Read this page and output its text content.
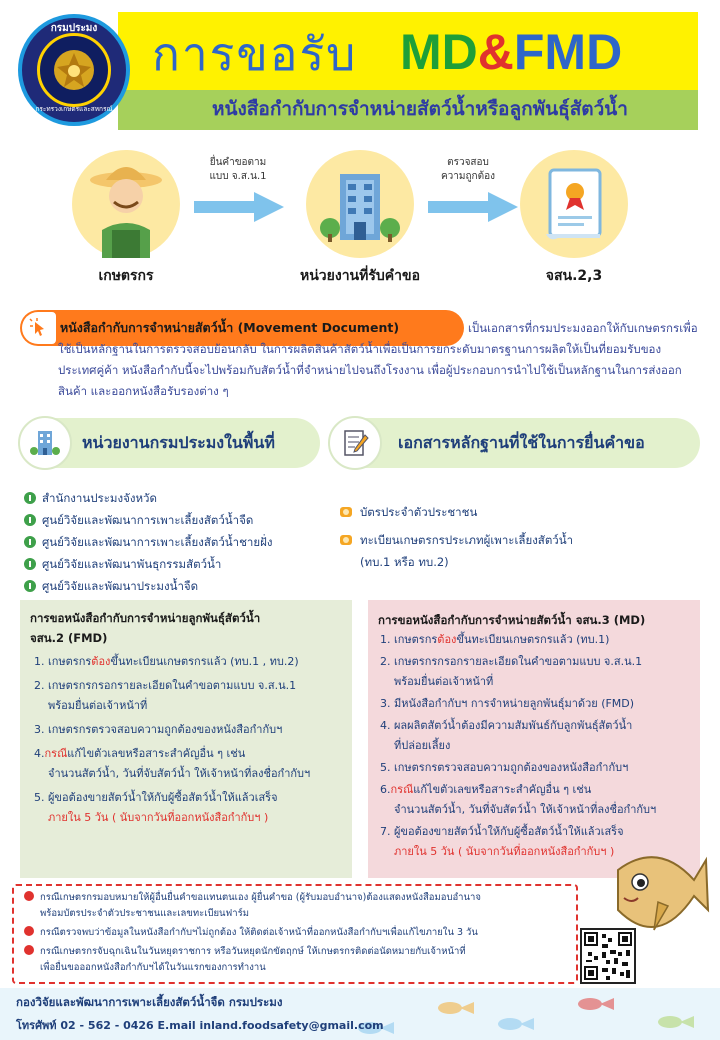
กรมประมง
กระทรวงเกษตรและสหกรณ์
การขอรับ MD&FMD
หนังสือกำกับการจำหน่ายสัตว์น้ำหรือลูกพันธุ์สัตว์น้ำ
เกษตรกร
ยื่นคำขอตาม
แบบ จ.ส.น.1
หน่วยงานที่รับคำขอ
ตรวจสอบ
ความถูกต้อง
จสน.2,3
หนังสือกำกับการจำหน่ายสัตว์น้ำ (Movement Document)	เป็นเอกสารที่กรมประมงออกให้กับเกษตรกรเพื่อใช้เป็นหลักฐานในการตรวจสอบย้อนกลับ ในการผลิตสินค้าสัตว์น้ำเพื่อเป็นการยกระดับมาตรฐานการผลิตให้เป็นที่ยอมรับของประเทศคู่ค้า หนังสือกำกับนี้จะไปพร้อมกับสัตว์น้ำที่จำหน่ายไปจนถึงโรงงาน เพื่อผู้ประกอบการนำไปใช้เป็นหลักฐานในการส่งออกสินค้า และออกหนังสือรับรองต่าง ๆ
หน่วยงานกรมประมงในพื้นที่
สำนักงานประมงจังหวัด
ศูนย์วิจัยและพัฒนาการเพาะเลี้ยงสัตว์น้ำจืด
ศูนย์วิจัยและพัฒนาการเพาะเลี้ยงสัตว์น้ำชายฝั่ง
ศูนย์วิจัยและพัฒนาพันธุกรรมสัตว์น้ำ
ศูนย์วิจัยและพัฒนาประมงน้ำจืด
เอกสารหลักฐานที่ใช้ในการยื่นคำขอ
บัตรประจำตัวประชาชน
ทะเบียนเกษตรกรประเภทผู้เพาะเลี้ยงสัตว์น้ำ
(ทบ.1 หรือ ทบ.2)
การขอหนังสือกำกับการจำหน่ายลูกพันธุ์สัตว์น้ำ
จสน.2 (FMD)
1. เกษตรกรต้องขึ้นทะเบียนเกษตรกรแล้ว (ทบ.1 , ทบ.2)
2. เกษตรกรกรอกรายละเอียดในคำขอตามแบบ จ.ส.น.1
พร้อมยื่นต่อเจ้าหน้าที่
3. เกษตรกรตรวจสอบความถูกต้องของหนังสือกำกับฯ
4.กรณีแก้ไขตัวเลขหรือสาระสำคัญอื่น ๆ เช่น
จำนวนสัตว์น้ำ, วันที่จับสัตว์น้ำ ให้เจ้าหน้าที่ลงชื่อกำกับฯ
5. ผู้ขอต้องขายสัตว์น้ำให้กับผู้ซื้อสัตว์น้ำให้แล้วเสร็จ
ภายใน 5 วัน ( นับจากวันที่ออกหนังสือกำกับฯ )
การขอหนังสือกำกับการจำหน่ายสัตว์น้ำ จสน.3 (MD)
1. เกษตรกรต้องขึ้นทะเบียนเกษตรกรแล้ว (ทบ.1)
2. เกษตรกรกรอกรายละเอียดในคำขอตามแบบ จ.ส.น.1
พร้อมยื่นต่อเจ้าหน้าที่
3. มีหนังสือกำกับฯ การจำหน่ายลูกพันธุ์มาด้วย (FMD)
4. ผลผลิตสัตว์น้ำต้องมีความสัมพันธ์กับลูกพันธุ์สัตว์น้ำ
ที่ปล่อยเลี้ยง
5. เกษตรกรตรวจสอบความถูกต้องของหนังสือกำกับฯ
6.กรณีแก้ไขตัวเลขหรือสาระสำคัญอื่น ๆ เช่น
จำนวนสัตว์น้ำ, วันที่จับสัตว์น้ำ ให้เจ้าหน้าที่ลงชื่อกำกับฯ
7. ผู้ขอต้องขายสัตว์น้ำให้กับผู้ซื้อสัตว์น้ำให้แล้วเสร็จ
ภายใน 5 วัน ( นับจากวันที่ออกหนังสือกำกับฯ )
กรณีเกษตรกรมอบหมายให้ผู้อื่นยื่นคำขอแทนตนเอง ผู้ยื่นคำขอ (ผู้รับมอบอำนาจ)ต้องแสดงหนังสือมอบอำนาจ
พร้อมบัตรประจำตัวประชาชนและเลขทะเบียนฟาร์ม
กรณีตรวจพบว่าข้อมูลในหนังสือกำกับฯไม่ถูกต้อง ให้ติดต่อเจ้าหน้าที่ออกหนังสือกำกับฯเพื่อแก้ไขภายใน 3 วัน
กรณีเกษตรกรจับฉุกเฉินในวันหยุดราชการ หรือวันหยุดนักขัตฤกษ์ ให้เกษตรกรติดต่อนัดหมายกับเจ้าหน้าที่
เพื่อยื่นขอออกหนังสือกำกับฯได้ในวันแรกของการทำงาน
กองวิจัยและพัฒนาการเพาะเลี้ยงสัตว์น้ำจืด กรมประมง
โทรศัพท์ 02 - 562 - 0426 E.mail inland.foodsafety@gmail.com
